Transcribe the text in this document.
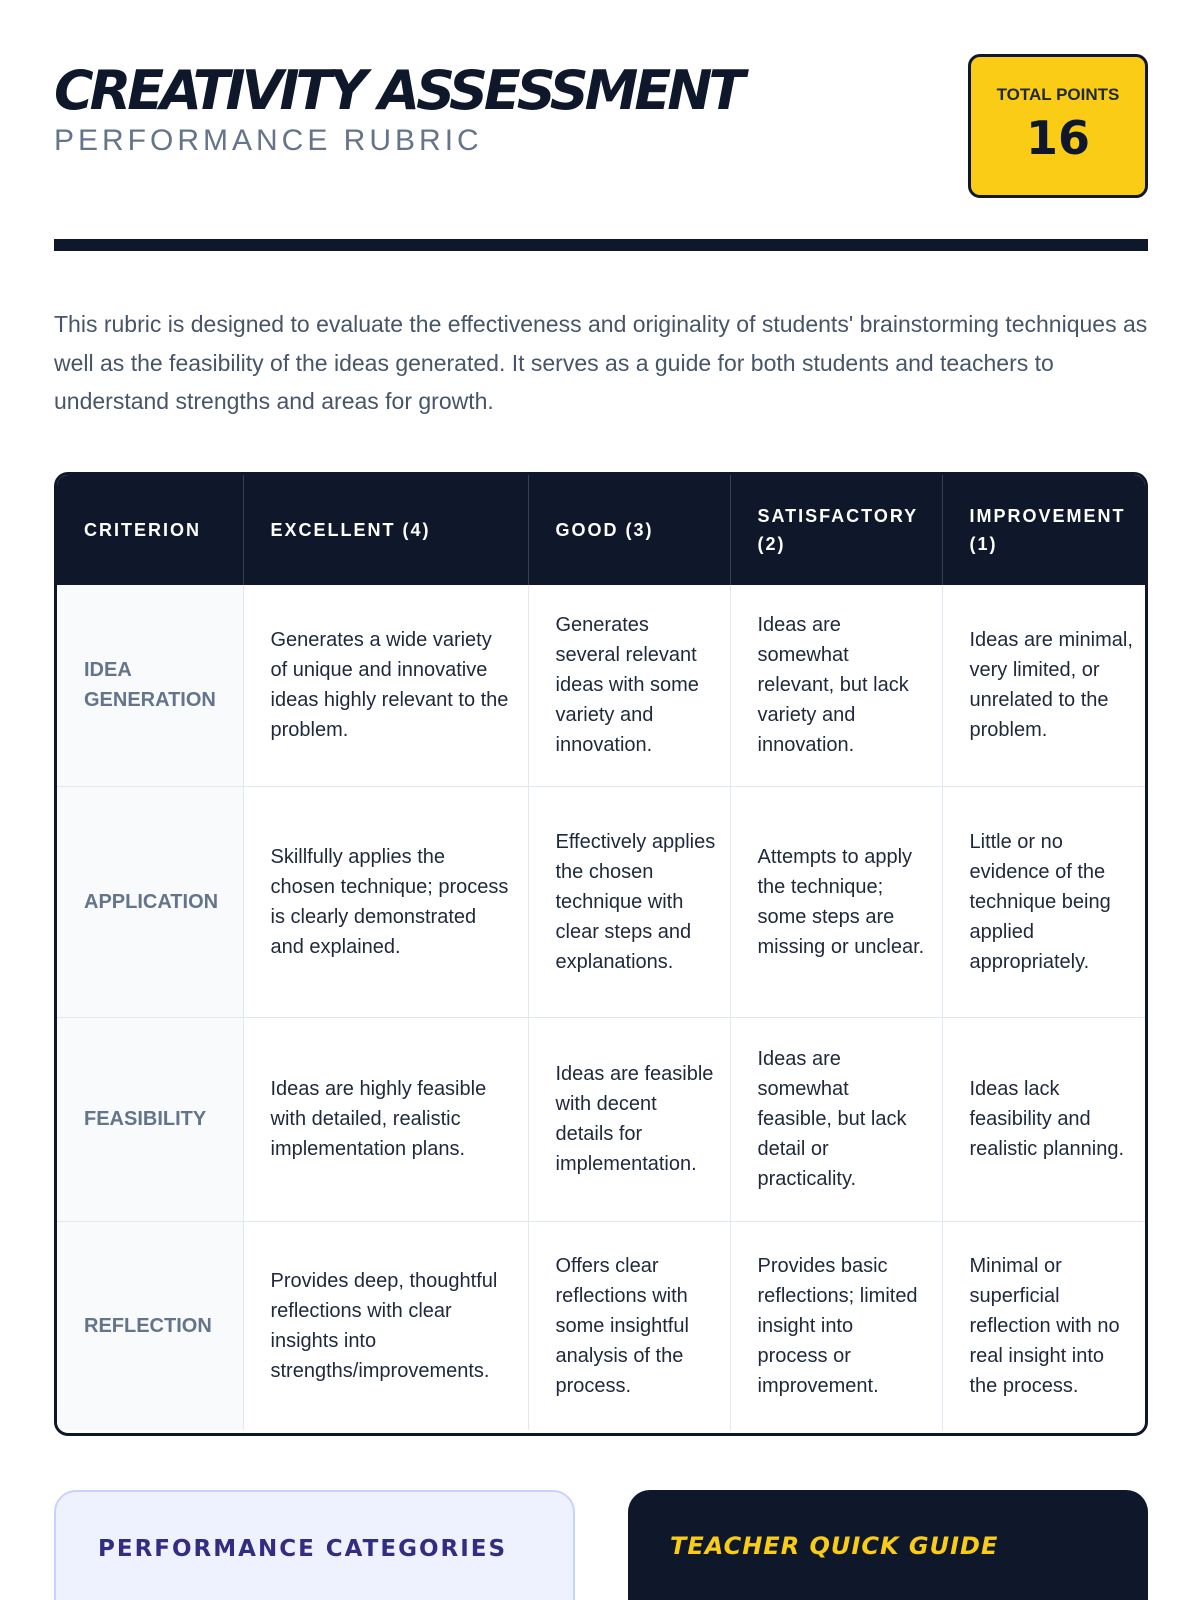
CREATIVITY ASSESSMENT
PERFORMANCE RUBRIC
TOTAL POINTS
16

This rubric is designed to evaluate the effectiveness and originality of students' brainstorming techniques as well as the feasibility of the ideas generated. It serves as a guide for both students and teachers to understand strengths and areas for growth.

CRITERION	EXCELLENT (4)	GOOD (3)	SATISFACTORY (2)	IMPROVEMENT (1)
IDEA GENERATION	Generates a wide variety of unique and innovative ideas highly relevant to the problem.	Generates several relevant ideas with some variety and innovation.	Ideas are somewhat relevant, but lack variety and innovation.	Ideas are minimal, very limited, or unrelated to the problem.
APPLICATION	Skillfully applies the chosen technique; process is clearly demonstrated and explained.	Effectively applies the chosen technique with clear steps and explanations.	Attempts to apply the technique; some steps are missing or unclear.	Little or no evidence of the technique being applied appropriately.
FEASIBILITY	Ideas are highly feasible with detailed, realistic implementation plans.	Ideas are feasible with decent details for implementation.	Ideas are somewhat feasible, but lack detail or practicality.	Ideas lack feasibility and realistic planning.
REFLECTION	Provides deep, thoughtful reflections with clear insights into strengths/improvements.	Offers clear reflections with some insightful analysis of the process.	Provides basic reflections; limited insight into process or improvement.	Minimal or superficial reflection with no real insight into the process.
PERFORMANCE CATEGORIES	TEACHER QUICK GUIDE
